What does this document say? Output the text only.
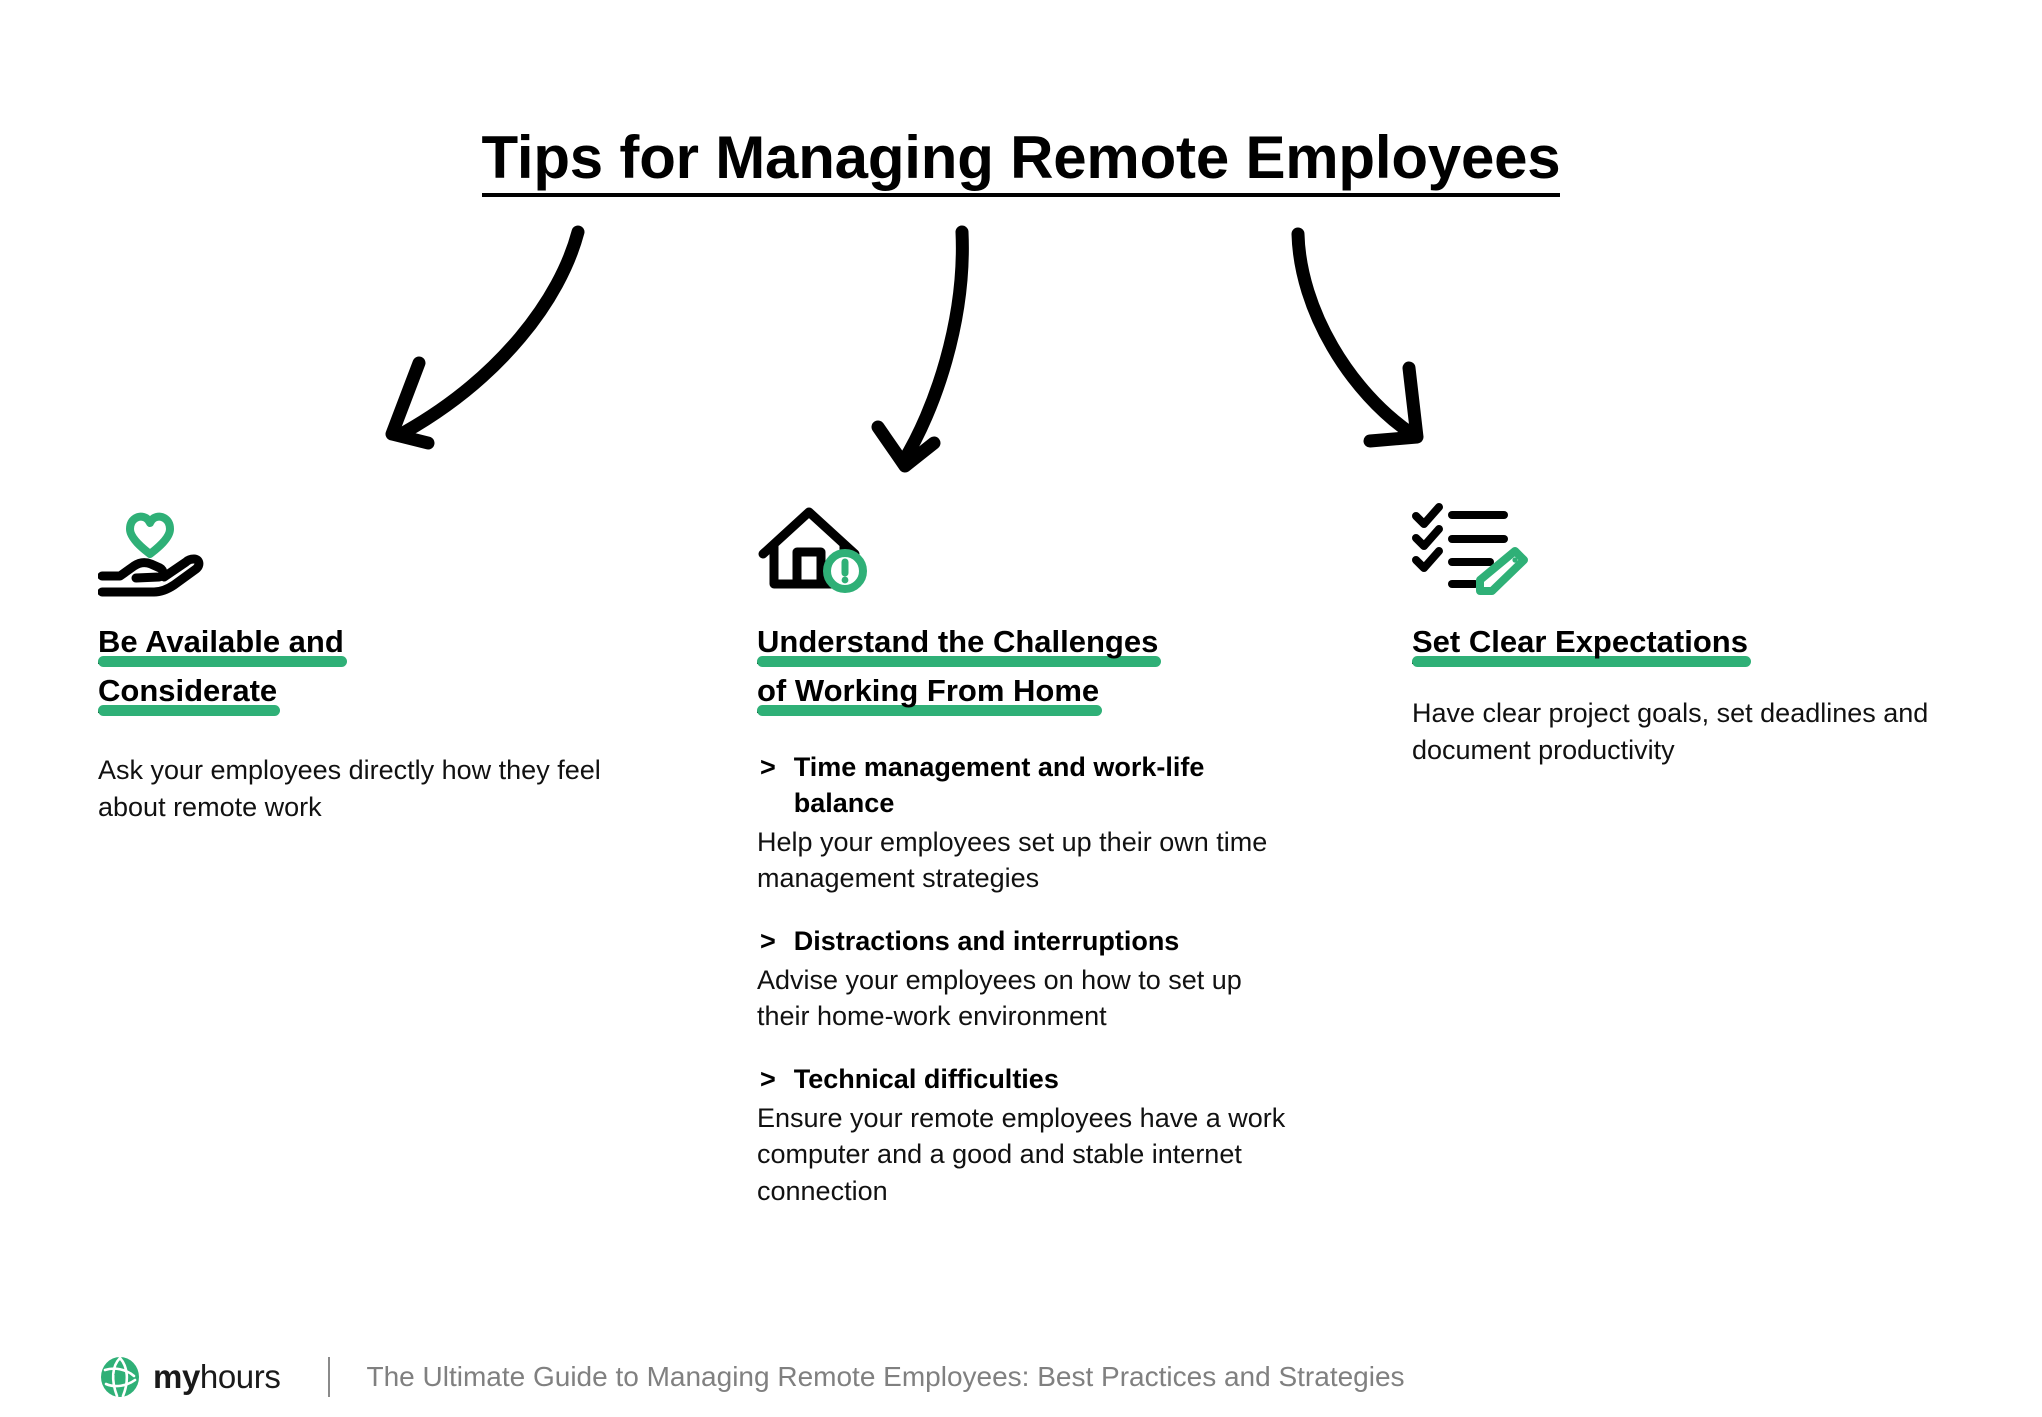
Tips for Managing Remote Employees
Be Available and
Considerate

Ask your employees directly how they feel about remote work

Understand the Challenges
of Working From Home
> Time management and work-life balance
Help your employees set up their own time management strategies
> Distractions and interruptions
Advise your employees on how to set up their home-work environment
> Technical difficulties
Ensure your remote employees have a work computer and a good and stable internet connection
Set Clear Expectations

Have clear project goals, set deadlines and document productivity

myhours	The Ultimate Guide to Managing Remote Employees: Best Practices and Strategies
